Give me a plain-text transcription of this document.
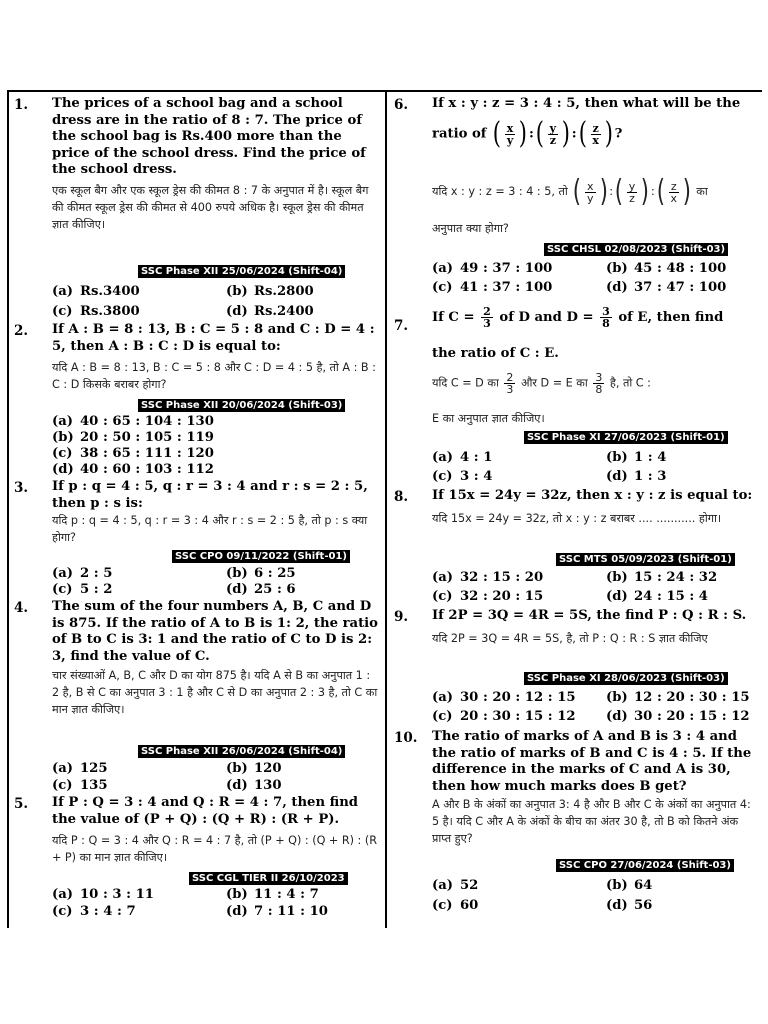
1. The prices of a school bag and a school dress are in the ratio of 8 : 7. The price of the school bag is Rs.400 more than the price of the school dress. Find the price of the school dress.
एक स्कूल बैग और एक स्कूल ड्रेस की कीमत 8 : 7 के अनुपात में है। स्कूल बैग की कीमत स्कूल ड्रेस की कीमत से 400 रुपये अधिक है। स्कूल ड्रेस की कीमत ज्ञात कीजिए।
SSC Phase XII 25/06/2024 (Shift-04)
(a) Rs.3400	(b) Rs.2800
(c) Rs.3800	(d) Rs.2400
2. If A : B = 8 : 13, B : C = 5 : 8 and C : D = 4 : 5, then A : B : C : D is equal to:
यदि A : B = 8 : 13, B : C = 5 : 8 और C : D = 4 : 5 है, तो A : B : C : D किसके बराबर होगा?
SSC Phase XII 20/06/2024 (Shift-03)
(a) 40 : 65 : 104 : 130
(b) 20 : 50 : 105 : 119
(c) 38 : 65 : 111 : 120
(d) 40 : 60 : 103 : 112
3. If p : q = 4 : 5, q : r = 3 : 4 and r : s = 2 : 5, then p : s is:
यदि p : q = 4 : 5, q : r = 3 : 4 और r : s = 2 : 5 है, तो p : s क्या होगा?
SSC CPO 09/11/2022 (Shift-01)
(a) 2 : 5	(b) 6 : 25
(c) 5 : 2	(d) 25 : 6
4. The sum of the four numbers A, B, C and D is 875. If the ratio of A to B is 1: 2, the ratio of B to C is 3: 1 and the ratio of C to D is 2: 3, find the value of C.
चार संख्याओं A, B, C और D का योग 875 है। यदि A से B का अनुपात 1 : 2 है, B से C का अनुपात 3 : 1 है और C से D का अनुपात 2 : 3 है, तो C का मान ज्ञात कीजिए।
SSC Phase XII 26/06/2024 (Shift-04)
(a) 125	(b) 120
(c) 135	(d) 130
5. If P : Q = 3 : 4 and Q : R = 4 : 7, then find the value of (P + Q) : (Q + R) : (R + P).
यदि P : Q = 3 : 4 और Q : R = 4 : 7 है, तो (P + Q) : (Q + R) : (R + P) का मान ज्ञात कीजिए।
SSC CGL TIER II 26/10/2023
(a) 10 : 3 : 11	(b) 11 : 4 : 7
(c) 3 : 4 : 7	(d) 7 : 11 : 10
6. If x : y : z = 3 : 4 : 5, then what will be the
ratio of ( $\frac{x}{y}$ ) : ( $\frac{y}{z}$ ) : ( $\frac{z}{x}$ ) ?
यदि x : y : z = 3 : 4 : 5, तो ( $\frac{x}{y}$ ) : ( $\frac{y}{z}$ ) : ( $\frac{z}{x}$ ) का
अनुपात क्या होगा?
SSC CHSL 02/08/2023 (Shift-03)
(a) 49 : 37 : 100	(b) 45 : 48 : 100
(c) 41 : 37 : 100	(d) 37 : 47 : 100
7.
If $C = \frac{2}{3}$ of D and $D = \frac{3}{8}$ of E, then find
the ratio of C : E.
यदि C = D का $\frac{2}{3}$ और D = E का $\frac{3}{8}$ है, तो C :
E का अनुपात ज्ञात कीजिए।
SSC Phase XI 27/06/2023 (Shift-01)
(a) 4 : 1	(b) 1 : 4
(c) 3 : 4	(d) 1 : 3
8. If 15x = 24y = 32z, then x : y : z is equal to:
यदि 15x = 24y = 32z, तो x : y : z बराबर .... ........... होगा।
SSC MTS 05/09/2023 (Shift-01)
(a) 32 : 15 : 20	(b) 15 : 24 : 32
(c) 32 : 20 : 15	(d) 24 : 15 : 4
9. If 2P = 3Q = 4R = 5S, the find P : Q : R : S.
यदि 2P = 3Q = 4R = 5S, है, तो P : Q : R : S ज्ञात कीजिए
SSC Phase XI 28/06/2023 (Shift-03)
(a) 30 : 20 : 12 : 15 (b) 12 : 20 : 30 : 15
(c) 20 : 30 : 15 : 12 (d) 30 : 20 : 15 : 12
10. The ratio of marks of A and B is 3 : 4 and the ratio of marks of B and C is 4 : 5. If the difference in the marks of C and A is 30, then how much marks does B get?
A और B के अंकों का अनुपात 3: 4 है और B और C के अंकों का अनुपात 4: 5 है। यदि C और A के अंकों के बीच का अंतर 30 है, तो B को कितने अंक प्राप्त हुए?
SSC CPO 27/06/2024 (Shift-03)
(a) 52	(b) 64
(c) 60	(d) 56
